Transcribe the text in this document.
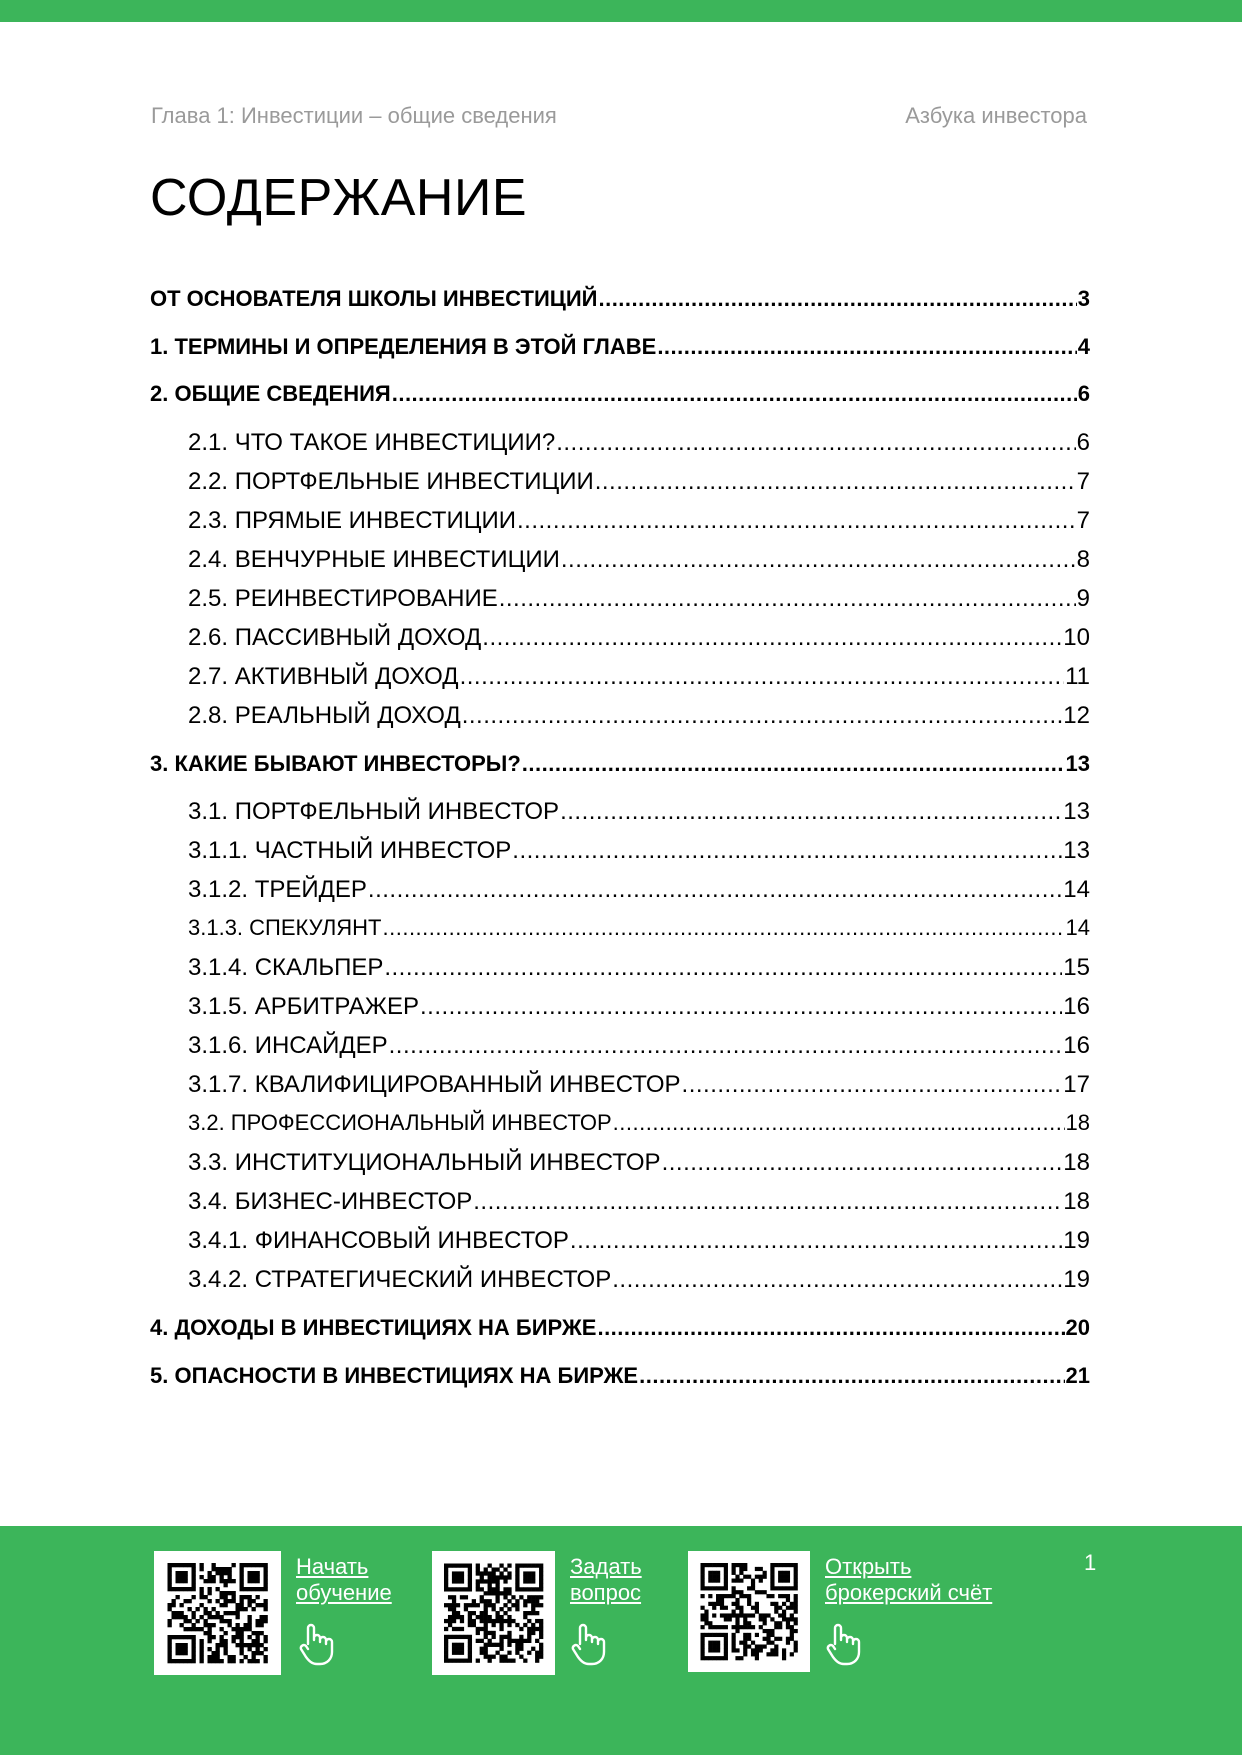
Глава 1: Инвестиции – общие сведения	Азбука инвестора
СОДЕРЖАНИЕ
ОТ ОСНОВАТЕЛЯ ШКОЛЫ ИНВЕСТИЦИЙ .....	3
1. ТЕРМИНЫ И ОПРЕДЕЛЕНИЯ В ЭТОЙ ГЛАВЕ .....	4
2. ОБЩИЕ СВЕДЕНИЯ .....	6
2.1. ЧТО ТАКОЕ ИНВЕСТИЦИИ? .....	6
2.2. ПОРТФЕЛЬНЫЕ ИНВЕСТИЦИИ .....	7
2.3. ПРЯМЫЕ ИНВЕСТИЦИИ .....	7
2.4. ВЕНЧУРНЫЕ ИНВЕСТИЦИИ .....	8
2.5. РЕИНВЕСТИРОВАНИЕ .....	9
2.6. ПАССИВНЫЙ ДОХОД .....	10
2.7. АКТИВНЫЙ ДОХОД .....	11
2.8. РЕАЛЬНЫЙ ДОХОД .....	12
3. КАКИЕ БЫВАЮТ ИНВЕСТОРЫ? .....	13
3.1. ПОРТФЕЛЬНЫЙ ИНВЕСТОР .....	13
3.1.1. ЧАСТНЫЙ ИНВЕСТОР .....	13
3.1.2. ТРЕЙДЕР .....	14
3.1.3. СПЕКУЛЯНТ .....	14
3.1.4. СКАЛЬПЕР .....	15
3.1.5. АРБИТРАЖЕР .....	16
3.1.6. ИНСАЙДЕР .....	16
3.1.7. КВАЛИФИЦИРОВАННЫЙ ИНВЕСТОР .....	17
3.2. ПРОФЕССИОНАЛЬНЫЙ ИНВЕСТОР .....	18
3.3. ИНСТИТУЦИОНАЛЬНЫЙ ИНВЕСТОР .....	18
3.4. БИЗНЕС-ИНВЕСТОР .....	18
3.4.1. ФИНАНСОВЫЙ ИНВЕСТОР .....	19
3.4.2. СТРАТЕГИЧЕСКИЙ ИНВЕСТОР .....	19
4. ДОХОДЫ В ИНВЕСТИЦИЯХ НА БИРЖЕ .....	20
5. ОПАСНОСТИ В ИНВЕСТИЦИЯХ НА БИРЖЕ .....	21
Начать
обучение
Задать
вопрос
Открыть
брокерский счёт
1
